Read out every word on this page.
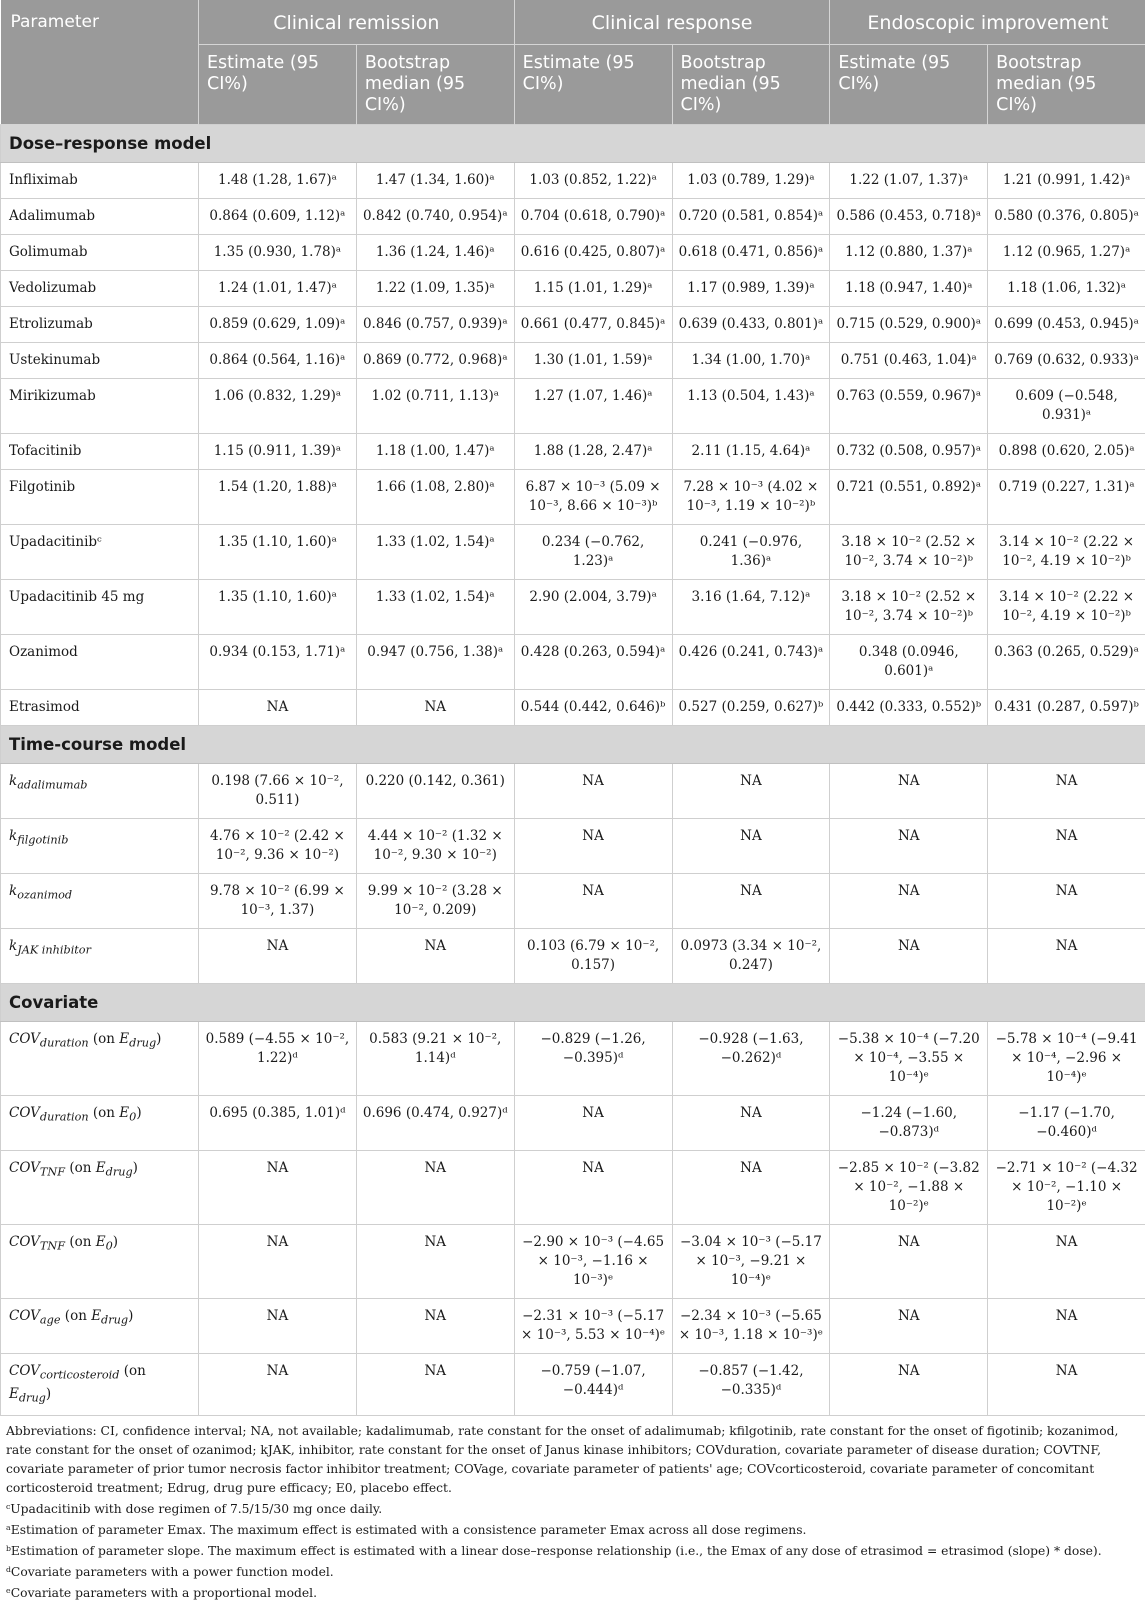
Parameter	Clinical remission		Clinical response		Endoscopic improvement	
	Estimate (95 CI%)	Bootstrap median (95 CI%)	Estimate (95 CI%)	Bootstrap median (95 CI%)	Estimate (95 CI%)	Bootstrap median (95 CI%)
Dose–response model						
Infliximab	1.48 (1.28, 1.67)ᵃ	1.47 (1.34, 1.60)ᵃ	1.03 (0.852, 1.22)ᵃ	1.03 (0.789, 1.29)ᵃ	1.22 (1.07, 1.37)ᵃ	1.21 (0.991, 1.42)ᵃ
Adalimumab	0.864 (0.609, 1.12)ᵃ	0.842 (0.740, 0.954)ᵃ	0.704 (0.618, 0.790)ᵃ	0.720 (0.581, 0.854)ᵃ	0.586 (0.453, 0.718)ᵃ	0.580 (0.376, 0.805)ᵃ
Golimumab	1.35 (0.930, 1.78)ᵃ	1.36 (1.24, 1.46)ᵃ	0.616 (0.425, 0.807)ᵃ	0.618 (0.471, 0.856)ᵃ	1.12 (0.880, 1.37)ᵃ	1.12 (0.965, 1.27)ᵃ
Vedolizumab	1.24 (1.01, 1.47)ᵃ	1.22 (1.09, 1.35)ᵃ	1.15 (1.01, 1.29)ᵃ	1.17 (0.989, 1.39)ᵃ	1.18 (0.947, 1.40)ᵃ	1.18 (1.06, 1.32)ᵃ
Etrolizumab	0.859 (0.629, 1.09)ᵃ	0.846 (0.757, 0.939)ᵃ	0.661 (0.477, 0.845)ᵃ	0.639 (0.433, 0.801)ᵃ	0.715 (0.529, 0.900)ᵃ	0.699 (0.453, 0.945)ᵃ
Ustekinumab	0.864 (0.564, 1.16)ᵃ	0.869 (0.772, 0.968)ᵃ	1.30 (1.01, 1.59)ᵃ	1.34 (1.00, 1.70)ᵃ	0.751 (0.463, 1.04)ᵃ	0.769 (0.632, 0.933)ᵃ
Mirikizumab	1.06 (0.832, 1.29)ᵃ	1.02 (0.711, 1.13)ᵃ	1.27 (1.07, 1.46)ᵃ	1.13 (0.504, 1.43)ᵃ	0.763 (0.559, 0.967)ᵃ	0.609 (−0.548, 0.931)ᵃ
Tofacitinib	1.15 (0.911, 1.39)ᵃ	1.18 (1.00, 1.47)ᵃ	1.88 (1.28, 2.47)ᵃ	2.11 (1.15, 4.64)ᵃ	0.732 (0.508, 0.957)ᵃ	0.898 (0.620, 2.05)ᵃ
Filgotinib	1.54 (1.20, 1.88)ᵃ	1.66 (1.08, 2.80)ᵃ	6.87 × 10⁻³ (5.09 × 10⁻³, 8.66 × 10⁻³)ᵇ	7.28 × 10⁻³ (4.02 × 10⁻³, 1.19 × 10⁻²)ᵇ	0.721 (0.551, 0.892)ᵃ	0.719 (0.227, 1.31)ᵃ
Upadacitinibᶜ	1.35 (1.10, 1.60)ᵃ	1.33 (1.02, 1.54)ᵃ	0.234 (−0.762, 1.23)ᵃ	0.241 (−0.976, 1.36)ᵃ	3.18 × 10⁻² (2.52 × 10⁻², 3.74 × 10⁻²)ᵇ	3.14 × 10⁻² (2.22 × 10⁻², 4.19 × 10⁻²)ᵇ
Upadacitinib 45 mg	1.35 (1.10, 1.60)ᵃ	1.33 (1.02, 1.54)ᵃ	2.90 (2.004, 3.79)ᵃ	3.16 (1.64, 7.12)ᵃ	3.18 × 10⁻² (2.52 × 10⁻², 3.74 × 10⁻²)ᵇ	3.14 × 10⁻² (2.22 × 10⁻², 4.19 × 10⁻²)ᵇ
Ozanimod	0.934 (0.153, 1.71)ᵃ	0.947 (0.756, 1.38)ᵃ	0.428 (0.263, 0.594)ᵃ	0.426 (0.241, 0.743)ᵃ	0.348 (0.0946, 0.601)ᵃ	0.363 (0.265, 0.529)ᵃ
Etrasimod	NA	NA	0.544 (0.442, 0.646)ᵇ	0.527 (0.259, 0.627)ᵇ	0.442 (0.333, 0.552)ᵇ	0.431 (0.287, 0.597)ᵇ
Time-course model						
$k_{adalimumab}$	0.198 (7.66 × 10⁻², 0.511)	0.220 (0.142, 0.361)	NA	NA	NA	NA
$k_{filgotinib}$	4.76 × 10⁻² (2.42 × 10⁻², 9.36 × 10⁻²)	4.44 × 10⁻² (1.32 × 10⁻², 9.30 × 10⁻²)	NA	NA	NA	NA
$k_{ozanimod}$	9.78 × 10⁻² (6.99 × 10⁻³, 1.37)	9.99 × 10⁻² (3.28 × 10⁻², 0.209)	NA	NA	NA	NA
$k_{JAK inhibitor}$	NA	NA	0.103 (6.79 × 10⁻², 0.157)	0.0973 (3.34 × 10⁻², 0.247)	NA	NA
Covariate						
$COV_{duration}$ (on $E_{drug}$)	0.589 (−4.55 × 10⁻², 1.22)ᵈ	0.583 (9.21 × 10⁻², 1.14)ᵈ	−0.829 (−1.26, −0.395)ᵈ	−0.928 (−1.63, −0.262)ᵈ	−5.38 × 10⁻⁴ (−7.20 × 10⁻⁴, −3.55 × 10⁻⁴)ᵉ	−5.78 × 10⁻⁴ (−9.41 × 10⁻⁴, −2.96 × 10⁻⁴)ᵉ
$COV_{duration}$ (on $E_0$)	0.695 (0.385, 1.01)ᵈ	0.696 (0.474, 0.927)ᵈ	NA	NA	−1.24 (−1.60, −0.873)ᵈ	−1.17 (−1.70, −0.460)ᵈ
$COV_{TNF}$ (on $E_{drug}$)	NA	NA	NA	NA	−2.85 × 10⁻² (−3.82 × 10⁻², −1.88 × 10⁻²)ᵉ	−2.71 × 10⁻² (−4.32 × 10⁻², −1.10 × 10⁻²)ᵉ
$COV_{TNF}$ (on $E_0$)	NA	NA	−2.90 × 10⁻³ (−4.65 × 10⁻³, −1.16 × 10⁻³)ᵉ	−3.04 × 10⁻³ (−5.17 × 10⁻³, −9.21 × 10⁻⁴)ᵉ	NA	NA
$COV_{age}$ (on $E_{drug}$)	NA	NA	−2.31 × 10⁻³ (−5.17 × 10⁻³, 5.53 × 10⁻⁴)ᵉ	−2.34 × 10⁻³ (−5.65 × 10⁻³, 1.18 × 10⁻³)ᵉ	NA	NA
$COV_{corticosteroid}$ (on $E_{drug}$)	NA	NA	−0.759 (−1.07, −0.444)ᵈ	−0.857 (−1.42, −0.335)ᵈ	NA	NA

Abbreviations: CI, confidence interval; NA, not available; kadalimumab, rate constant for the onset of adalimumab; kfilgotinib, rate constant for the onset of figotinib; kozanimod, rate constant for the onset of ozanimod; kJAK, inhibitor, rate constant for the onset of Janus kinase inhibitors; COVduration, covariate parameter of disease duration; COVTNF, covariate parameter of prior tumor necrosis factor inhibitor treatment; COVage, covariate parameter of patients' age; COVcorticosteroid, covariate parameter of concomitant corticosteroid treatment; Edrug, drug pure efficacy; E0, placebo effect.

ᶜUpadacitinib with dose regimen of 7.5/15/30 mg once daily.

ᵃEstimation of parameter Emax. The maximum effect is estimated with a consistence parameter Emax across all dose regimens.

ᵇEstimation of parameter slope. The maximum effect is estimated with a linear dose–response relationship (i.e., the Emax of any dose of etrasimod = etrasimod (slope) * dose).

ᵈCovariate parameters with a power function model.

ᵉCovariate parameters with a proportional model.
